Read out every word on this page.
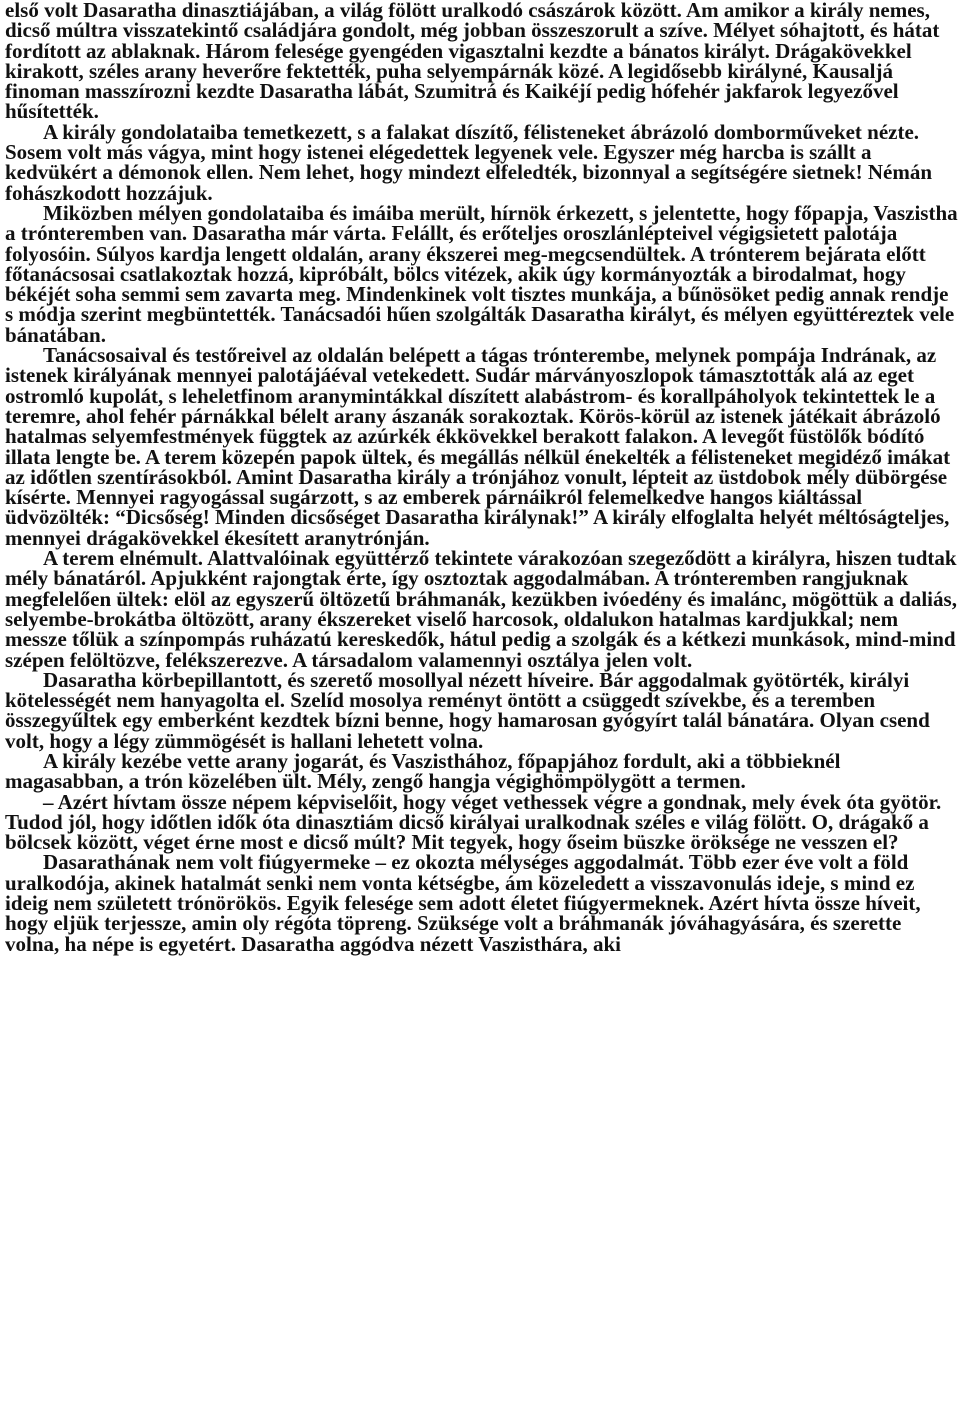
első volt Dasaratha dinasztiájában, a világ fölött uralkodó császárok között. Am amikor a király nemes, dicső múltra visszatekintő családjára gondolt, még jobban összeszorult a szíve. Mélyet sóhajtott, és hátat fordított az ablaknak. Három felesége gyengéden vigasztalni kezdte a bánatos királyt. Drágakövekkel kirakott, széles arany heverőre fektették, puha selyempárnák közé. A legidősebb királyné, Kausaljá finoman masszírozni kezdte Dasaratha lábát, Szumitrá és Kaikéjí pedig hófehér jakfarok legyezővel hűsítették.

A király gondolataiba temetkezett, s a falakat díszítő, félisteneket ábrázoló domborműveket nézte. Sosem volt más vágya, mint hogy istenei elégedettek legyenek vele. Egyszer még harcba is szállt a kedvükért a démonok ellen. Nem lehet, hogy mindezt elfeledték, bizonnyal a segítségére sietnek! Némán fohászkodott hozzájuk.

Miközben mélyen gondolataiba és imáiba merült, hírnök érkezett, s jelentette, hogy főpapja, Vaszistha a trónteremben van. Dasaratha már várta. Felállt, és erőteljes oroszlánlépteivel végigsietett palotája folyosóin. Súlyos kardja lengett oldalán, arany ékszerei meg-megcsendültek. A trónterem bejárata előtt főtanácsosai csatlakoztak hozzá, kipróbált, bölcs vitézek, akik úgy kormányozták a birodalmat, hogy békéjét soha semmi sem zavarta meg. Mindenkinek volt tisztes munkája, a bűnösöket pedig annak rendje s módja szerint megbüntették. Tanácsadói hűen szolgálták Dasaratha királyt, és mélyen együttéreztek vele bánatában.

Tanácsosaival és testőreivel az oldalán belépett a tágas trónterembe, melynek pompája Indrának, az istenek királyának mennyei palotájáéval vetekedett. Sudár márványoszlopok támasztották alá az eget ostromló kupolát, s leheletfinom aranymintákkal díszített alabástrom- és korallpáholyok tekintettek le a teremre, ahol fehér párnákkal bélelt arany ászanák sorakoztak. Körös-körül az istenek játékait ábrázoló hatalmas selyemfestmények függtek az azúrkék ékkövekkel berakott falakon. A levegőt füstölők bódító illata lengte be. A terem közepén papok ültek, és megállás nélkül énekelték a félisteneket megidéző imákat az időtlen szentírásokból. Amint Dasaratha király a trónjához vonult, lépteit az üstdobok mély dübörgése kísérte. Mennyei ragyogással sugárzott, s az emberek párnáikról felemelkedve hangos kiáltással üdvözölték: “Dicsőség! Minden dicsőséget Dasaratha királynak!” A király elfoglalta helyét méltóságteljes, mennyei drágakövekkel ékesített aranytrónján.

A terem elnémult. Alattvalóinak együttérző tekintete várakozóan szegeződött a királyra, hiszen tudtak mély bánatáról. Apjukként rajongtak érte, így osztoztak aggodalmában. A trónteremben rangjuknak megfelelően ültek: elöl az egyszerű öltözetű bráhmanák, kezükben ivóedény és imalánc, mögöttük a daliás, selyembe-brokátba öltözött, arany ékszereket viselő harcosok, oldalukon hatalmas kardjukkal; nem messze tőlük a színpompás ruházatú kereskedők, hátul pedig a szolgák és a kétkezi munkások, mind-mind szépen felöltözve, felékszerezve. A társadalom valamennyi osztálya jelen volt.

Dasaratha körbepillantott, és szerető mosollyal nézett híveire. Bár aggodalmak gyötörték, királyi kötelességét nem hanyagolta el. Szelíd mosolya reményt öntött a csüggedt szívekbe, és a teremben összegyűltek egy emberként kezdtek bízni benne, hogy hamarosan gyógyírt talál bánatára. Olyan csend volt, hogy a légy zümmögését is hallani lehetett volna.

A király kezébe vette arany jogarát, és Vaszisthához, főpapjához fordult, aki a többieknél magasabban, a trón közelében ült. Mély, zengő hangja végighömpölygött a termen.

– Azért hívtam össze népem képviselőit, hogy véget vethessek végre a gondnak, mely évek óta gyötör. Tudod jól, hogy időtlen idők óta dinasztiám dicső királyai uralkodnak széles e világ fölött. O, drágakő a bölcsek között, véget érne most e dicső múlt? Mit tegyek, hogy őseim büszke öröksége ne vesszen el?

Dasarathának nem volt fiúgyermeke – ez okozta mélységes aggodalmát. Több ezer éve volt a föld uralkodója, akinek hatalmát senki nem vonta kétségbe, ám közeledett a visszavonulás ideje, s mind ez ideig nem született trónörökös. Egyik felesége sem adott életet fiúgyermeknek. Azért hívta össze híveit, hogy eljük terjessze, amin oly régóta töpreng. Szüksége volt a bráhmanák jóváhagyására, és szerette volna, ha népe is egyetért. Dasaratha aggódva nézett Vaszisthára, aki
